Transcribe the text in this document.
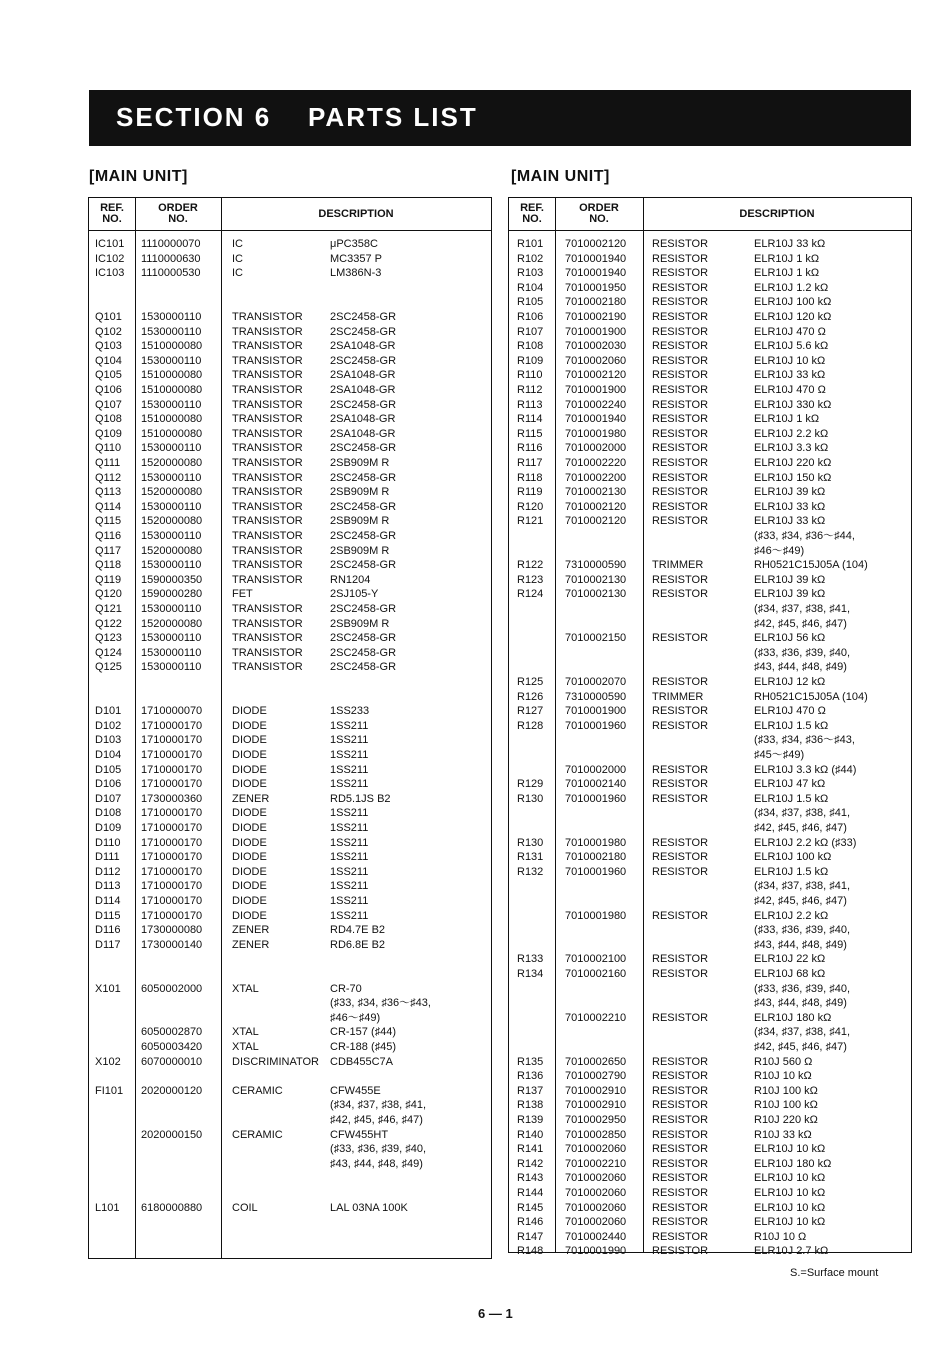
SECTION 6 PARTS LIST
[MAIN UNIT]	[MAIN UNIT]
REF.
NO.
ORDER
NO.	DESCRIPTION
IC101 1110000070	IC	μPC358C
IC102 1110000630	IC	MC3357 P
IC103 1110000530	IC	LM386N-3
Q101 1530000110	TRANSISTOR 2SC2458-GR
Q102 1530000110	TRANSISTOR 2SC2458-GR
Q103 1510000080	TRANSISTOR 2SA1048-GR
Q104 1530000110	TRANSISTOR 2SC2458-GR
Q105 1510000080	TRANSISTOR 2SA1048-GR
Q106 1510000080	TRANSISTOR 2SA1048-GR
Q107 1530000110	TRANSISTOR 2SC2458-GR
Q108 1510000080	TRANSISTOR 2SA1048-GR
Q109 1510000080	TRANSISTOR 2SA1048-GR
Q110 1530000110	TRANSISTOR 2SC2458-GR
Q111 1520000080	TRANSISTOR 2SB909M R
Q112 1530000110	TRANSISTOR 2SC2458-GR
Q113 1520000080	TRANSISTOR 2SB909M R
Q114 1530000110	TRANSISTOR 2SC2458-GR
Q115 1520000080	TRANSISTOR 2SB909M R
Q116 1530000110	TRANSISTOR 2SC2458-GR
Q117 1520000080	TRANSISTOR 2SB909M R
Q118 1530000110	TRANSISTOR 2SC2458-GR
Q119 1590000350	TRANSISTOR RN1204
Q120 1590000280	FET	2SJ105-Y
Q121 1530000110	TRANSISTOR 2SC2458-GR
Q122 1520000080	TRANSISTOR 2SB909M R
Q123 1530000110	TRANSISTOR 2SC2458-GR
Q124 1530000110	TRANSISTOR 2SC2458-GR
Q125 1530000110	TRANSISTOR 2SC2458-GR
D101 1710000070	DIODE	1SS233
D102 1710000170	DIODE	1SS211
D103 1710000170	DIODE	1SS211
D104 1710000170	DIODE	1SS211
D105 1710000170	DIODE	1SS211
D106 1710000170	DIODE	1SS211
D107 1730000360	ZENER	RD5.1JS B2
D108 1710000170	DIODE	1SS211
D109 1710000170	DIODE	1SS211
D110 1710000170	DIODE	1SS211
D111 1710000170	DIODE	1SS211
D112 1710000170	DIODE	1SS211
D113 1710000170	DIODE	1SS211
D114 1710000170	DIODE	1SS211
D115 1710000170	DIODE	1SS211
D116 1730000080	ZENER	RD4.7E B2
D117 1730000140	ZENER	RD6.8E B2
X101 6050002000	XTAL	CR-70
(♯33, ♯34, ♯36〜♯43,
♯46〜♯49)
6050002870	XTAL	CR-157 (♯44)
6050003420	XTAL	CR-188 (♯45)
X102 6070000010	DISCRIMINATOR CDB455C7A
FI101 2020000120	CERAMIC	CFW455E
(♯34, ♯37, ♯38, ♯41,
♯42, ♯45, ♯46, ♯47)
2020000150	CERAMIC	CFW455HT
(♯33, ♯36, ♯39, ♯40,
♯43, ♯44, ♯48, ♯49)
L101 6180000880	COIL	LAL 03NA 100K
REF.
NO.
ORDER
NO.	DESCRIPTION
R101 7010002120 RESISTOR	ELR10J 33 kΩ
R102 7010001940 RESISTOR	ELR10J 1 kΩ
R103 7010001940 RESISTOR	ELR10J 1 kΩ
R104 7010001950 RESISTOR	ELR10J 1.2 kΩ
R105 7010002180 RESISTOR	ELR10J 100 kΩ
R106 7010002190 RESISTOR	ELR10J 120 kΩ
R107 7010001900 RESISTOR	ELR10J 470 Ω
R108 7010002030 RESISTOR	ELR10J 5.6 kΩ
R109 7010002060 RESISTOR	ELR10J 10 kΩ
R110 7010002120 RESISTOR	ELR10J 33 kΩ
R112 7010001900 RESISTOR	ELR10J 470 Ω
R113 7010002240 RESISTOR	ELR10J 330 kΩ
R114 7010001940 RESISTOR	ELR10J 1 kΩ
R115 7010001980 RESISTOR	ELR10J 2.2 kΩ
R116 7010002000 RESISTOR	ELR10J 3.3 kΩ
R117 7010002220 RESISTOR	ELR10J 220 kΩ
R118 7010002200 RESISTOR	ELR10J 150 kΩ
R119 7010002130 RESISTOR	ELR10J 39 kΩ
R120 7010002120 RESISTOR	ELR10J 33 kΩ
R121 7010002120 RESISTOR	ELR10J 33 kΩ
(♯33, ♯34, ♯36〜♯44,
♯46〜♯49)
R122 7310000590 TRIMMER	RH0521C15J05A (104)
R123 7010002130 RESISTOR	ELR10J 39 kΩ
R124 7010002130 RESISTOR	ELR10J 39 kΩ
(♯34, ♯37, ♯38, ♯41,
♯42, ♯45, ♯46, ♯47)
7010002150 RESISTOR	ELR10J 56 kΩ
(♯33, ♯36, ♯39, ♯40,
♯43, ♯44, ♯48, ♯49)
R125 7010002070 RESISTOR	ELR10J 12 kΩ
R126 7310000590 TRIMMER	RH0521C15J05A (104)
R127 7010001900 RESISTOR	ELR10J 470 Ω
R128 7010001960 RESISTOR	ELR10J 1.5 kΩ
(♯33, ♯34, ♯36〜♯43,
♯45〜♯49)
7010002000 RESISTOR	ELR10J 3.3 kΩ (♯44)
R129 7010002140 RESISTOR	ELR10J 47 kΩ
R130 7010001960 RESISTOR	ELR10J 1.5 kΩ
(♯34, ♯37, ♯38, ♯41,
♯42, ♯45, ♯46, ♯47)
R130 7010001980 RESISTOR	ELR10J 2.2 kΩ (♯33)
R131 7010002180 RESISTOR	ELR10J 100 kΩ
R132 7010001960 RESISTOR	ELR10J 1.5 kΩ
(♯34, ♯37, ♯38, ♯41,
♯42, ♯45, ♯46, ♯47)
7010001980 RESISTOR	ELR10J 2.2 kΩ
(♯33, ♯36, ♯39, ♯40,
♯43, ♯44, ♯48, ♯49)
R133 7010002100 RESISTOR	ELR10J 22 kΩ
R134 7010002160 RESISTOR	ELR10J 68 kΩ
(♯33, ♯36, ♯39, ♯40,
♯43, ♯44, ♯48, ♯49)
7010002210 RESISTOR	ELR10J 180 kΩ
(♯34, ♯37, ♯38, ♯41,
♯42, ♯45, ♯46, ♯47)
R135 7010002650 RESISTOR	R10J 560 Ω
R136 7010002790 RESISTOR	R10J 10 kΩ
R137 7010002910 RESISTOR	R10J 100 kΩ
R138 7010002910 RESISTOR	R10J 100 kΩ
R139 7010002950 RESISTOR	R10J 220 kΩ
R140 7010002850 RESISTOR	R10J 33 kΩ
R141 7010002060 RESISTOR	ELR10J 10 kΩ
R142 7010002210 RESISTOR	ELR10J 180 kΩ
R143 7010002060 RESISTOR	ELR10J 10 kΩ
R144 7010002060 RESISTOR	ELR10J 10 kΩ
R145 7010002060 RESISTOR	ELR10J 10 kΩ
R146 7010002060 RESISTOR	ELR10J 10 kΩ
R147 7010002440 RESISTOR	R10J 10 Ω
R148 7010001990 RESISTOR	ELR10J 2.7 kΩ
S.=Surface mount
6 — 1
